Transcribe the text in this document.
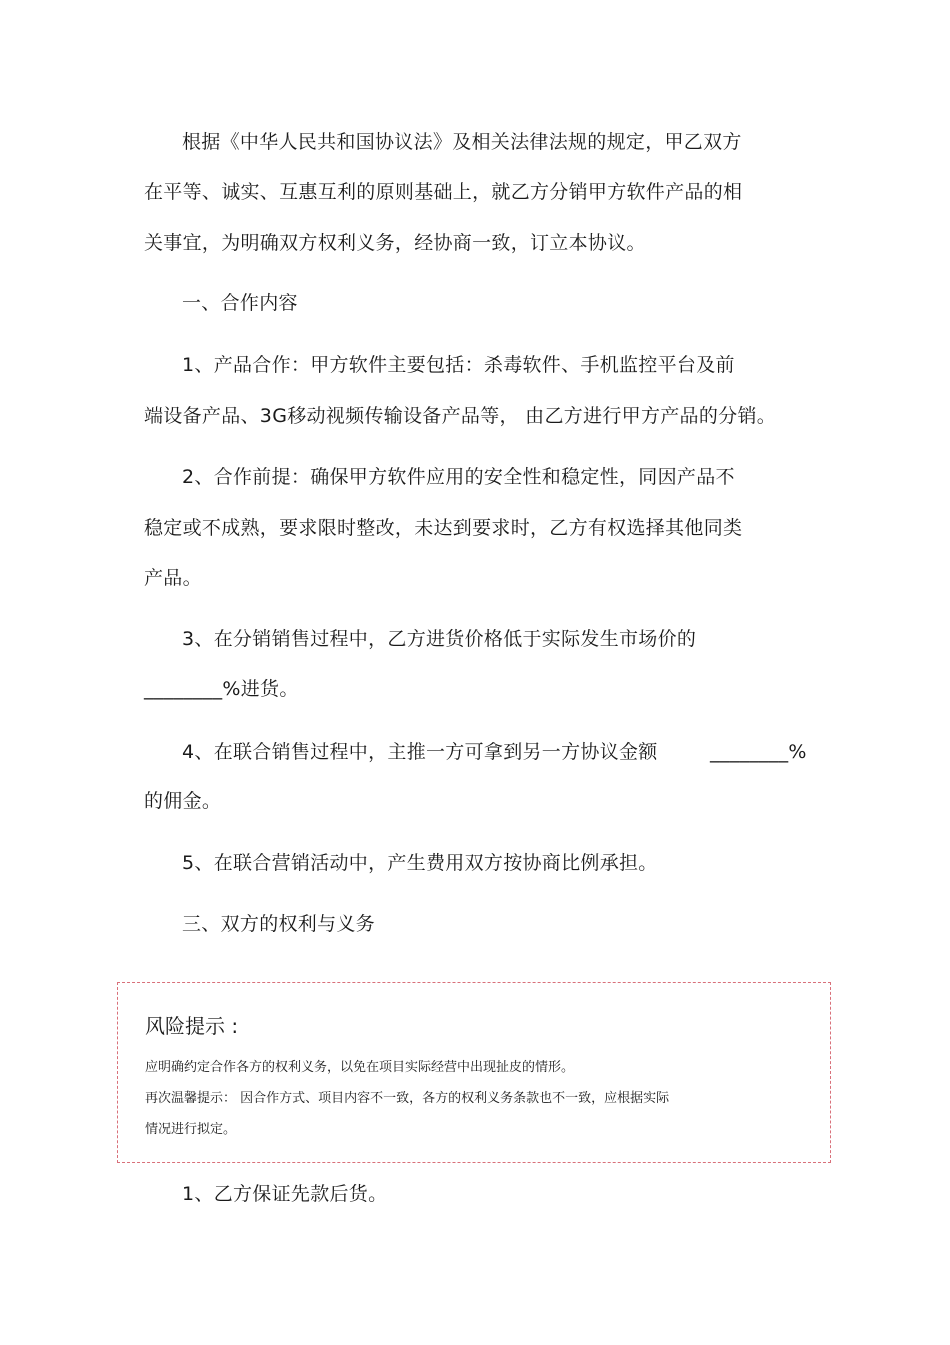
根据《中华人民共和国协议法》及相关法律法规的规定，甲乙双方
在平等、诚实、互惠互利的原则基础上，就乙方分销甲方软件产品的相
关事宜，为明确双方权利义务，经协商一致，订立本协议。
一、合作内容
1、产品合作：甲方软件主要包括：杀毒软件、手机监控平台及前
端设备产品、3G移动视频传输设备产品等， 由乙方进行甲方产品的分销。
2、合作前提：确保甲方软件应用的安全性和稳定性，同因产品不
稳定或不成熟，要求限时整改，未达到要求时，乙方有权选择其他同类
产品。
3、在分销销售过程中，乙方进货价格低于实际发生市场价的
________%进货。
4、在联合销售过程中，主推一方可拿到另一方协议金额	________%
的佣金。
5、在联合营销活动中，产生费用双方按协商比例承担。
三、双方的权利与义务
风险提示 :
应明确约定合作各方的权利义务，以免在项目实际经营中出现扯皮的情形。
再次温馨提示： 因合作方式、项目内容不一致，各方的权利义务条款也不一致，应根据实际
情况进行拟定。
1、乙方保证先款后货。
